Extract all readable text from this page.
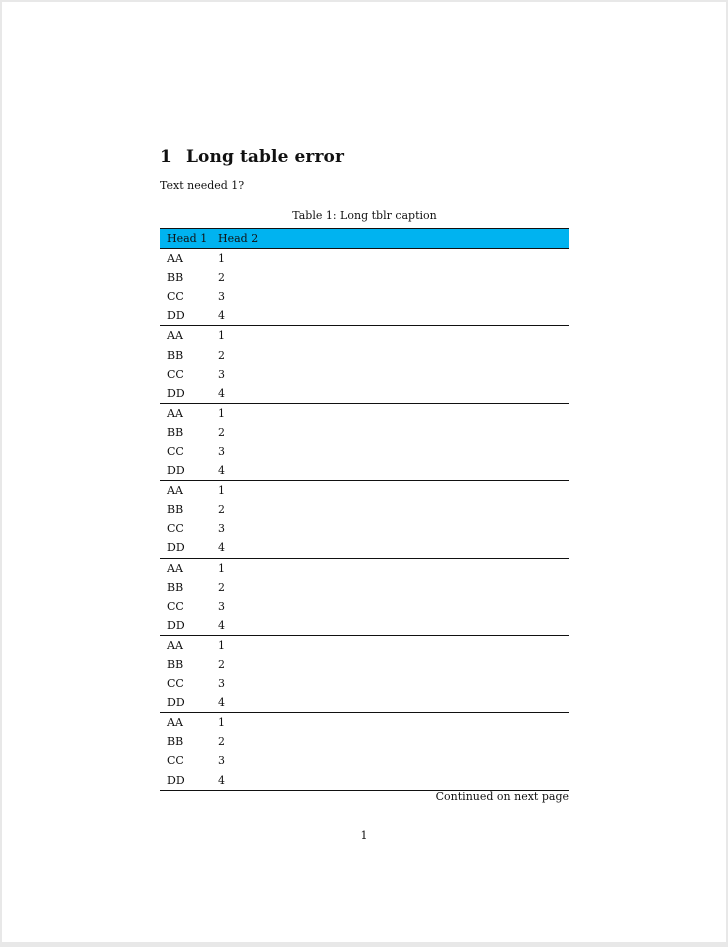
1 Long table error

Text needed 1?

Table 1: Long tblr caption

Head 1	Head 2	
AA	1	
BB	2	
CC	3	
DD	4	
AA	1	
BB	2	
CC	3	
DD	4	
AA	1	
BB	2	
CC	3	
DD	4	
AA	1	
BB	2	
CC	3	
DD	4	
AA	1	
BB	2	
CC	3	
DD	4	
AA	1	
BB	2	
CC	3	
DD	4	
AA	1	
BB	2	
CC	3	
DD	4	

Continued on next page

1
